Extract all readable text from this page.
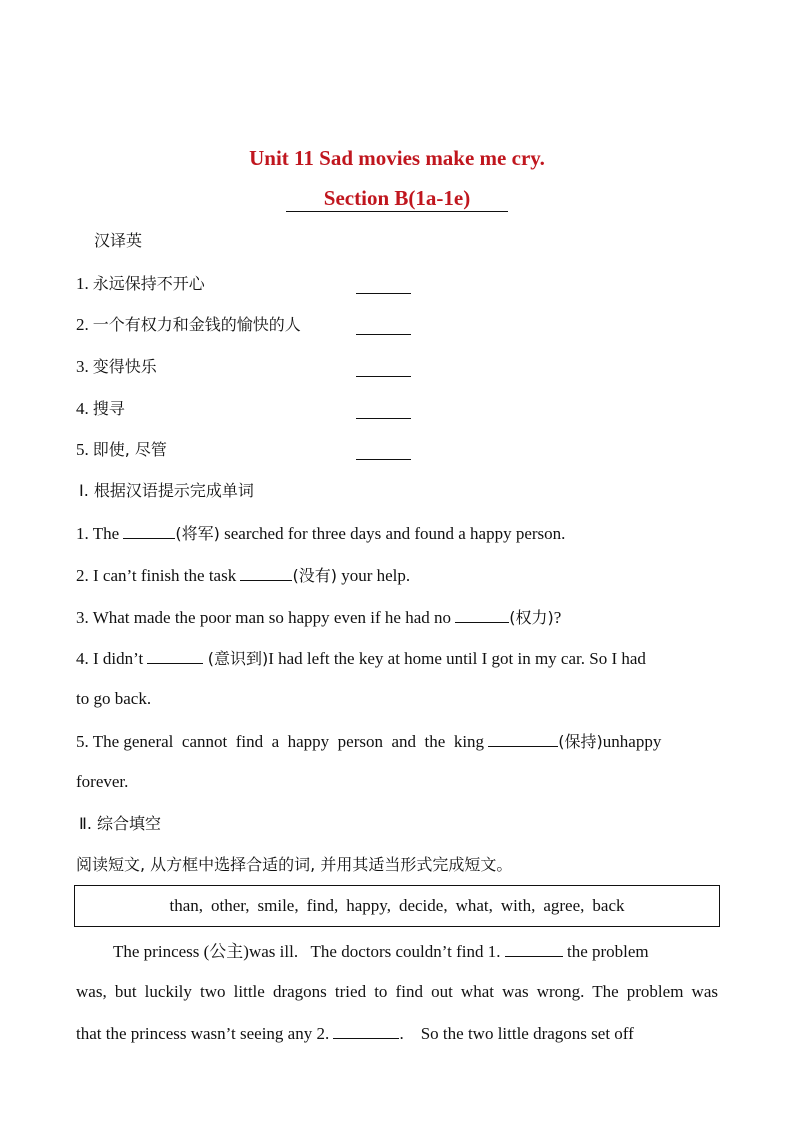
Unit 11 Sad movies make me cry.
Section B(1a-1e)
汉译英
1. 永远保持不开心
2. 一个有权力和金钱的愉快的人
3. 变得快乐
4. 搜寻
5. 即使, 尽管
Ⅰ. 根据汉语提示完成单词
1. The	(将军) searched for three days and found a happy person.
2. I can’t finish the task	(没有) your help.
3. What made the poor man so happy even if he had no	(权力)?
4. I didn’t	(意识到)I had left the key at home until I got in my car. So I had
to go back.
5. The general  cannot  find  a  happy  person  and  the  king	(保持)unhappy
forever.
Ⅱ. 综合填空
阅读短文, 从方框中选择合适的词, 并用其适当形式完成短文。
than, other, smile, find, happy, decide, what, with, agree, back
The princess (公主)was ill.   The doctors couldn’t find 1.	the problem
was, but luckily two little dragons tried to find out what was wrong. The problem was
that the princess wasn’t seeing any 2.	.    So the two little dragons set off
